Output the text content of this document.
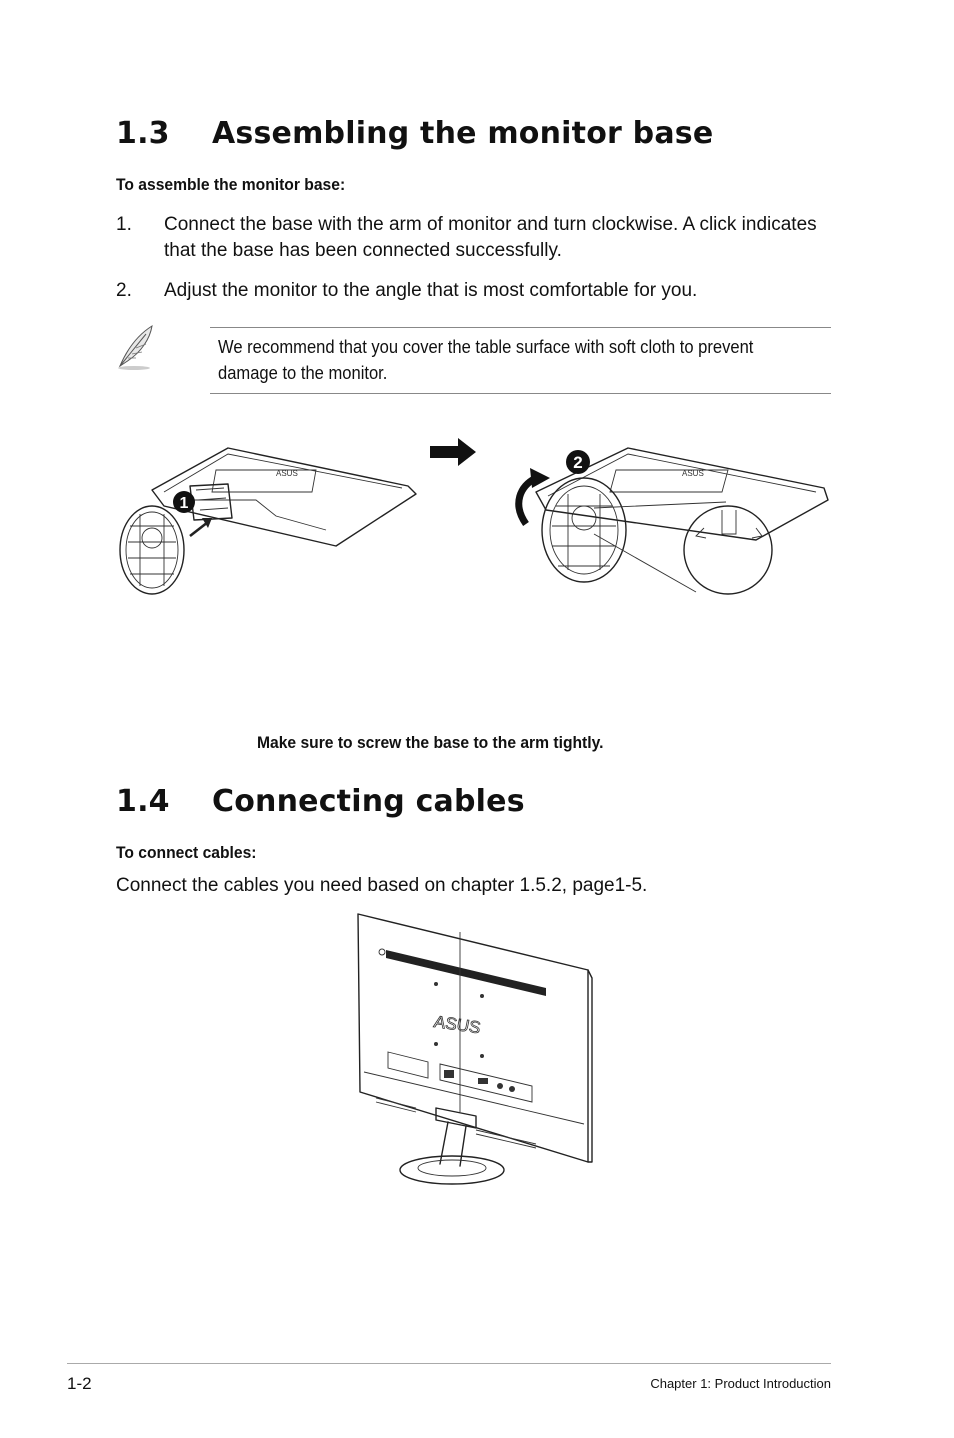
1.3 Assembling the monitor base
To assemble the monitor base:
1. Connect the base with the arm of monitor and turn clockwise. A click indicates that the base has been connected successfully.
2. Adjust the monitor to the angle that is most comfortable for you.
We recommend that you cover the table surface with soft cloth to prevent damage to the monitor.
ASUS
1
ASUS
2
Make sure to screw the base to the arm tightly.
1.4 Connecting cables
To connect cables:
Connect the cables you need based on chapter 1.5.2, page1-5.
ASUS
1-2	Chapter 1: Product Introduction
